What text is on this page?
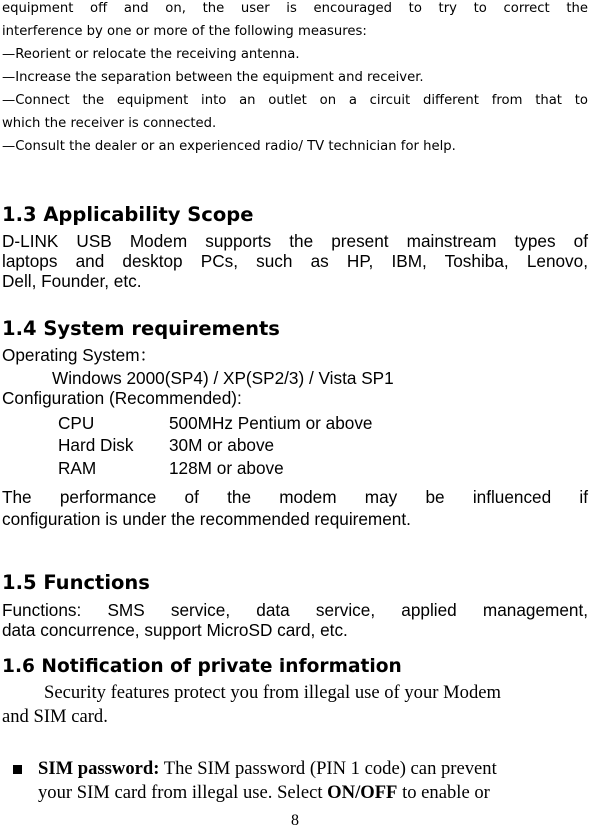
equipment off and on, the user is encouraged to try to correct the
interference by one or more of the following measures:
—Reorient or relocate the receiving antenna.
—Increase the separation between the equipment and receiver.
—Connect the equipment into an outlet on a circuit different from that to
which the receiver is connected.
—Consult the dealer or an experienced radio/ TV technician for help.
1.3 Applicability Scope
D-LINK USB Modem supports the present mainstream types of
laptops and desktop PCs, such as HP, IBM, Toshiba, Lenovo,
Dell, Founder, etc.
1.4 System requirements
Operating System：
Windows 2000(SP4) / XP(SP2/3) / Vista SP1
Configuration (Recommended):
CPU	500MHz Pentium or above
Hard Disk 30M or above
RAM	128M or above
The performance of the modem may be influenced if
configuration is under the recommended requirement.
1.5 Functions
Functions: SMS service, data service, applied management,
data concurrence, support MicroSD card, etc.
1.6 Notification of private information
Security features protect you from illegal use of your Modem
and SIM card.
SIM password: The SIM password (PIN 1 code) can prevent
your SIM card from illegal use. Select ON/OFF to enable or
8
